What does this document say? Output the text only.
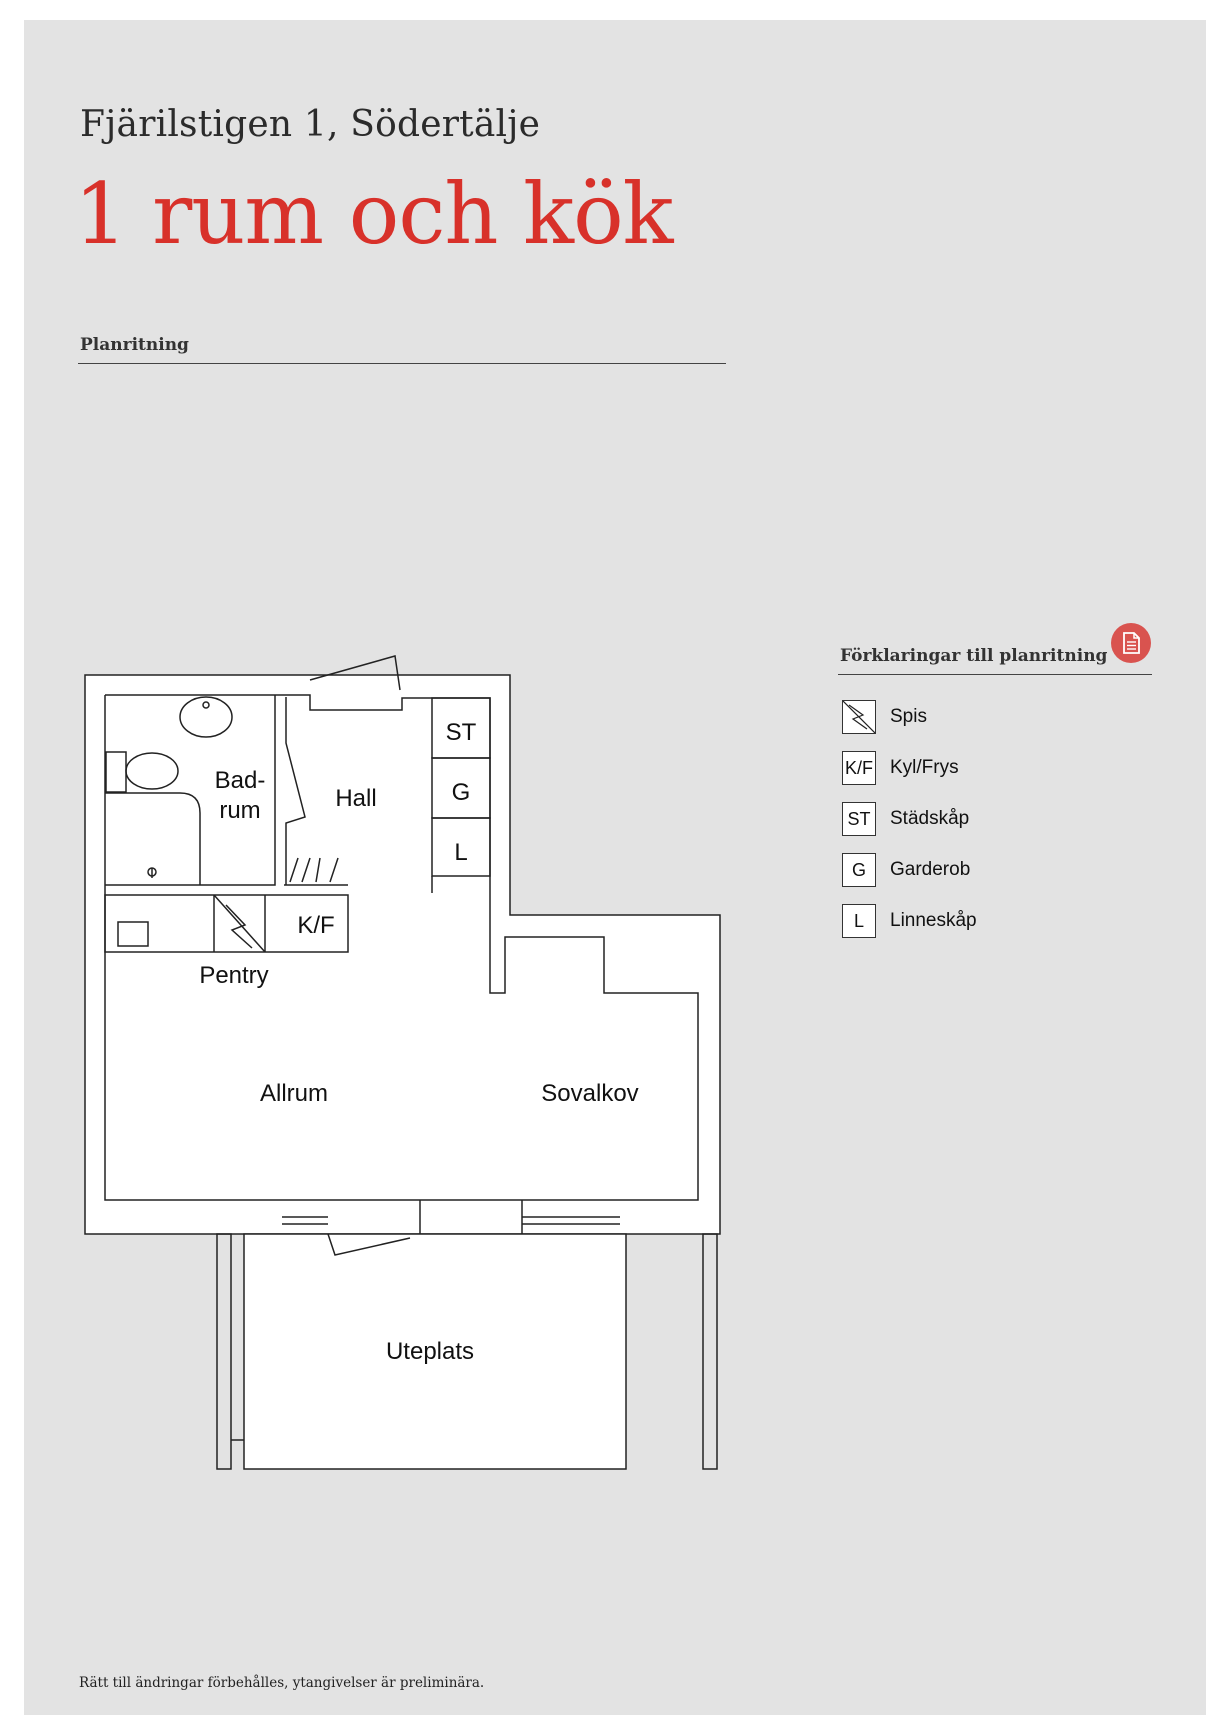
Fjärilstigen 1, Södertälje
1 rum och kök
Planritning
Bad-
rum	Hall
Pentry
Allrum	Sovalkov
Uteplats
ST
G
L
K/F
Förklaringar till planritning
Spis
K/F Kyl/Frys
ST Städskåp
G	Garderob
L	Linneskåp
Rätt till ändringar förbehålles, ytangivelser är preliminära.
